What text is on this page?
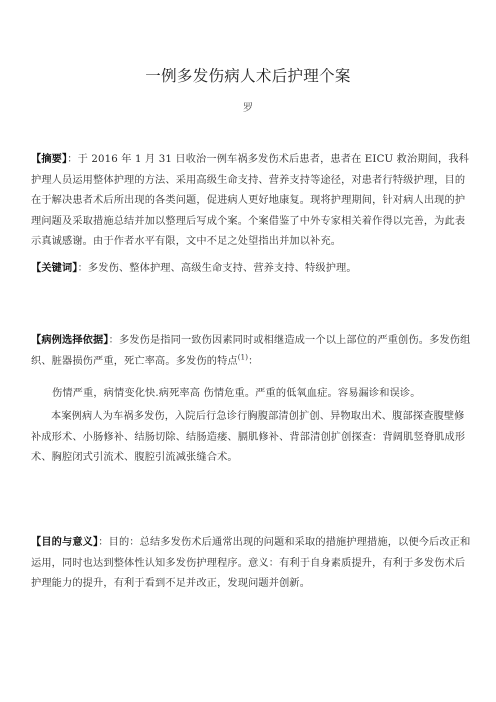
一例多发伤病人术后护理个案
罗
【摘要】：于 2016 年 1 月 31 日收治一例车祸多发伤术后患者，患者在 EICU 救治期间，我科护理人员运用整体护理的方法、采用高级生命支持、营养支持等途径，对患者行特级护理，目的在于解决患者术后所出现的各类问题，促进病人更好地康复。现将护理期间，针对病人出现的护理问题及采取措施总结并加以整理后写成个案。个案借鉴了中外专家相关着作得以完善，为此表示真诚感谢。由于作者水平有限，文中不足之处望指出并加以补充。
【关键词】：多发伤、整体护理、高级生命支持、营养支持、特级护理。
【病例选择依据】：多发伤是指同一致伤因素同时或相继造成一个以上部位的严重创伤。多发伤组织、脏器损伤严重，死亡率高。多发伤的特点$^{(1)}$：
伤情严重，病情变化快.病死率高 伤情危重。严重的低氧血症。容易漏诊和误诊。
本案例病人为车祸多发伤，入院后行急诊行胸腹部清创扩创、异物取出术、腹部探查腹壁修补成形术、小肠修补、结肠切除、结肠造瘘、膈肌修补、背部清创扩创探查：背阔肌竖脊肌成形术、胸腔闭式引流术、腹腔引流减张缝合术。
【目的与意义】：目的：总结多发伤术后通常出现的问题和采取的措施护理措施，以便今后改正和运用，同时也达到整体性认知多发伤护理程序。意义：有利于自身素质提升，有利于多发伤术后护理能力的提升，有利于看到不足并改正，发现问题并创新。
